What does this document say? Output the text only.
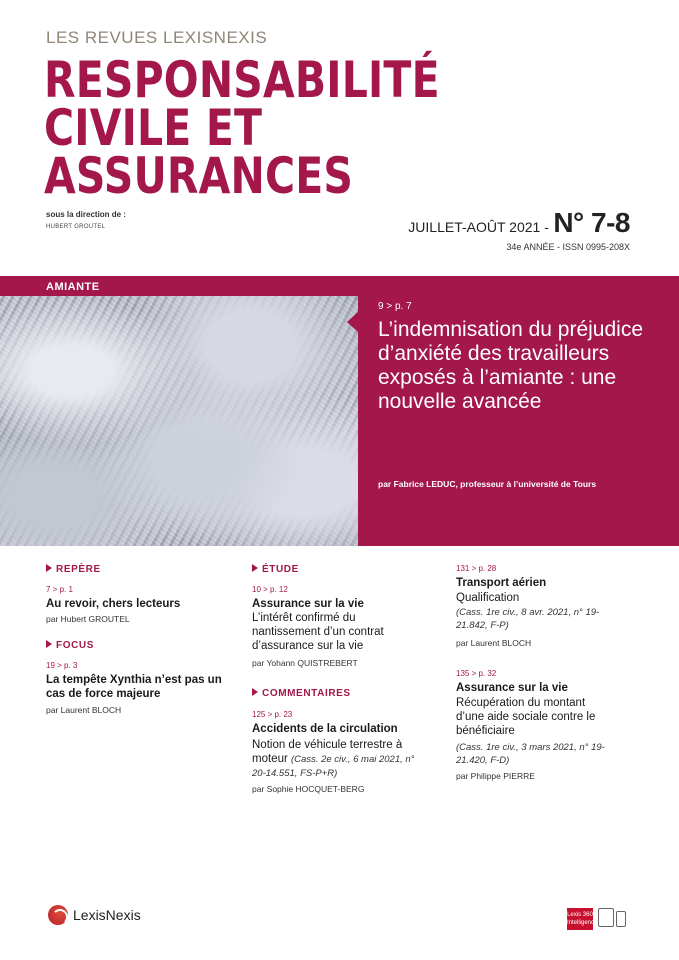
LES REVUES LEXISNEXIS
RESPONSABILITÉ
CIVILE ET
ASSURANCES
sous la direction de :
HUBERT GROUTEL	JUILLET-AOÛT 2021 - N° 7-8
34e ANNÉE - ISSN 0995-208X
AMIANTE
9 > p. 7
L’indemnisation du préjudice d’anxiété des travailleurs exposés à l’amiante : une nouvelle avancée
par Fabrice LEDUC, professeur à l’université de Tours
REPÈRE
7 > p. 1
Au revoir, chers lecteurs
par Hubert GROUTEL
FOCUS
19 > p. 3
La tempête Xynthia n’est pas un cas de force majeure
par Laurent BLOCH
ÉTUDE
10 > p. 12
Assurance sur la vie
L’intérêt confirmé du nantissement d’un contrat d’assurance sur la vie
par Yohann QUISTREBERT
COMMENTAIRES
125 > p. 23
Accidents de la circulation
Notion de véhicule terrestre à moteur (Cass. 2e civ., 6 mai 2021, n° 20-14.551, FS-P+R)
par Sophie HOCQUET-BERG
131 > p. 28
Transport aérien
Qualification
(Cass. 1re civ., 8 avr. 2021, n° 19-21.842, F-P)
par Laurent BLOCH
135 > p. 32
Assurance sur la vie
Récupération du montant d’une aide sociale contre le bénéficiaire
(Cass. 1re civ., 3 mars 2021, n° 19-21.420, F-D)
par Philippe PIERRE
LexisNexis	Lexis 360 Intelligence
